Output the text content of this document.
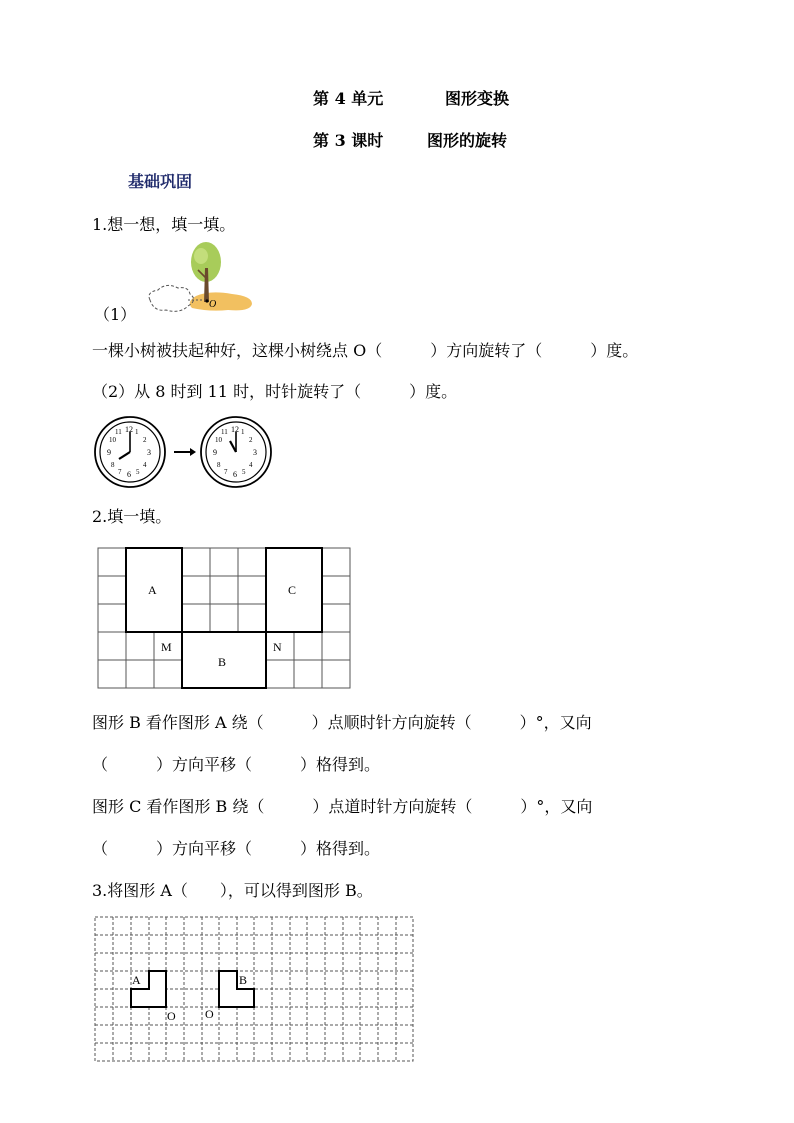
第 4 单元	图形变换
第 3 课时	图形的旋转
基础巩固
1.想一想，填一填。
（1）
O
一棵小树被扶起种好，这棵小树绕点 O（　　　）方向旋转了（　　　）度。
（2）从 8 时到 11 时，时针旋转了（　　　）度。
12 1
2
3
4
5
6
7
8
9
10
11	12 1
2
3
4
5
6
7
8
9
10
11
2.填一填。
A	C
B
M	N
图形 B 看作图形 A 绕（　　　）点顺时针方向旋转（　　　）°，又向
（　　　）方向平移（　　　）格得到。
图形 C 看作图形 B 绕（　　　）点道时针方向旋转（　　　）°，又向
（　　　）方向平移（　　　）格得到。
3.将图形 A（　　），可以得到图形 B。
A	B
O O
